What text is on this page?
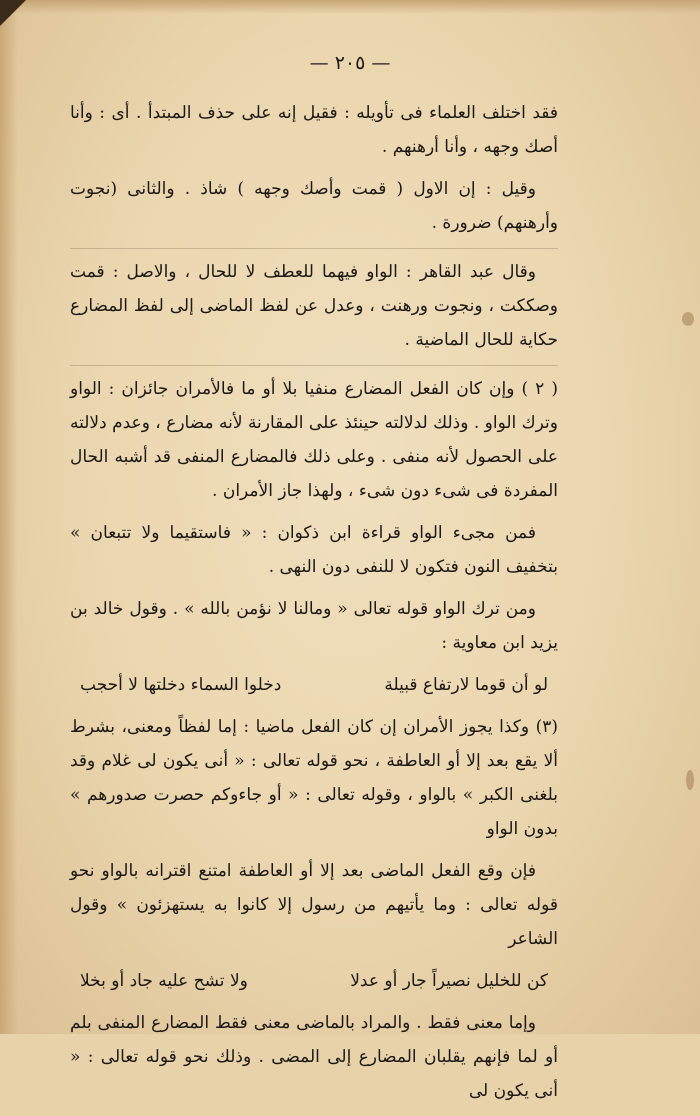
— ٢٠٥ —

فقد اختلف العلماء فى تأويله : فقيل إنه على حذف المبتدأ . أى : وأنا أصك وجهه ، وأنا أرهنهم .

وقيل : إن الاول ( قمت وأصك وجهه ) شاذ . والثانى (نجوت وأرهنهم) ضرورة .

وقال عبد القاهر : الواو فيهما للعطف لا للحال ، والاصل : قمت وصككت ، ونجوت ورهنت ، وعدل عن لفظ الماضى إلى لفظ المضارع حكاية للحال الماضية .

( ٢ ) وإن كان الفعل المضارع منفيا بلا أو ما فالأمران جائزان : الواو وترك الواو . وذلك لدلالته حينئذ على المقارنة لأنه مضارع ، وعدم دلالته على الحصول لأنه منفى . وعلى ذلك فالمضارع المنفى قد أشبه الحال المفردة فى شىء دون شىء ، ولهذا جاز الأمران .

فمن مجىء الواو قراءة ابن ذكوان : « فاستقيما ولا تتبعان » بتخفيف النون فتكون لا للنفى دون النهى .

ومن ترك الواو قوله تعالى « ومالنا لا نؤمن بالله » . وقول خالد بن يزيد ابن معاوية :

لو أن قوما لارتفاع قبيلة
دخلوا السماء دخلتها لا أحجب

(٣) وكذا يجوز الأمران إن كان الفعل ماضيا : إما لفظاً ومعنى، بشرط ألا يقع بعد إلا أو العاطفة ، نحو قوله تعالى : « أنى يكون لى غلام وقد بلغنى الكبر » بالواو ، وقوله تعالى : « أو جاءوكم حصرت صدورهم » بدون الواو

فإن وقع الفعل الماضى بعد إلا أو العاطفة امتنع اقترانه بالواو نحو قوله تعالى : وما يأتيهم من رسول إلا كانوا به يستهزئون » وقول الشاعر

كن للخليل نصيراً جار أو عدلا
ولا تشح عليه جاد أو بخلا

وإما معنى فقط . والمراد بالماضى معنى فقط المضارع المنفى بلم أو لما فإنهم يقلبان المضارع إلى المضى . وذلك نحو قوله تعالى : « أنى يكون لى
